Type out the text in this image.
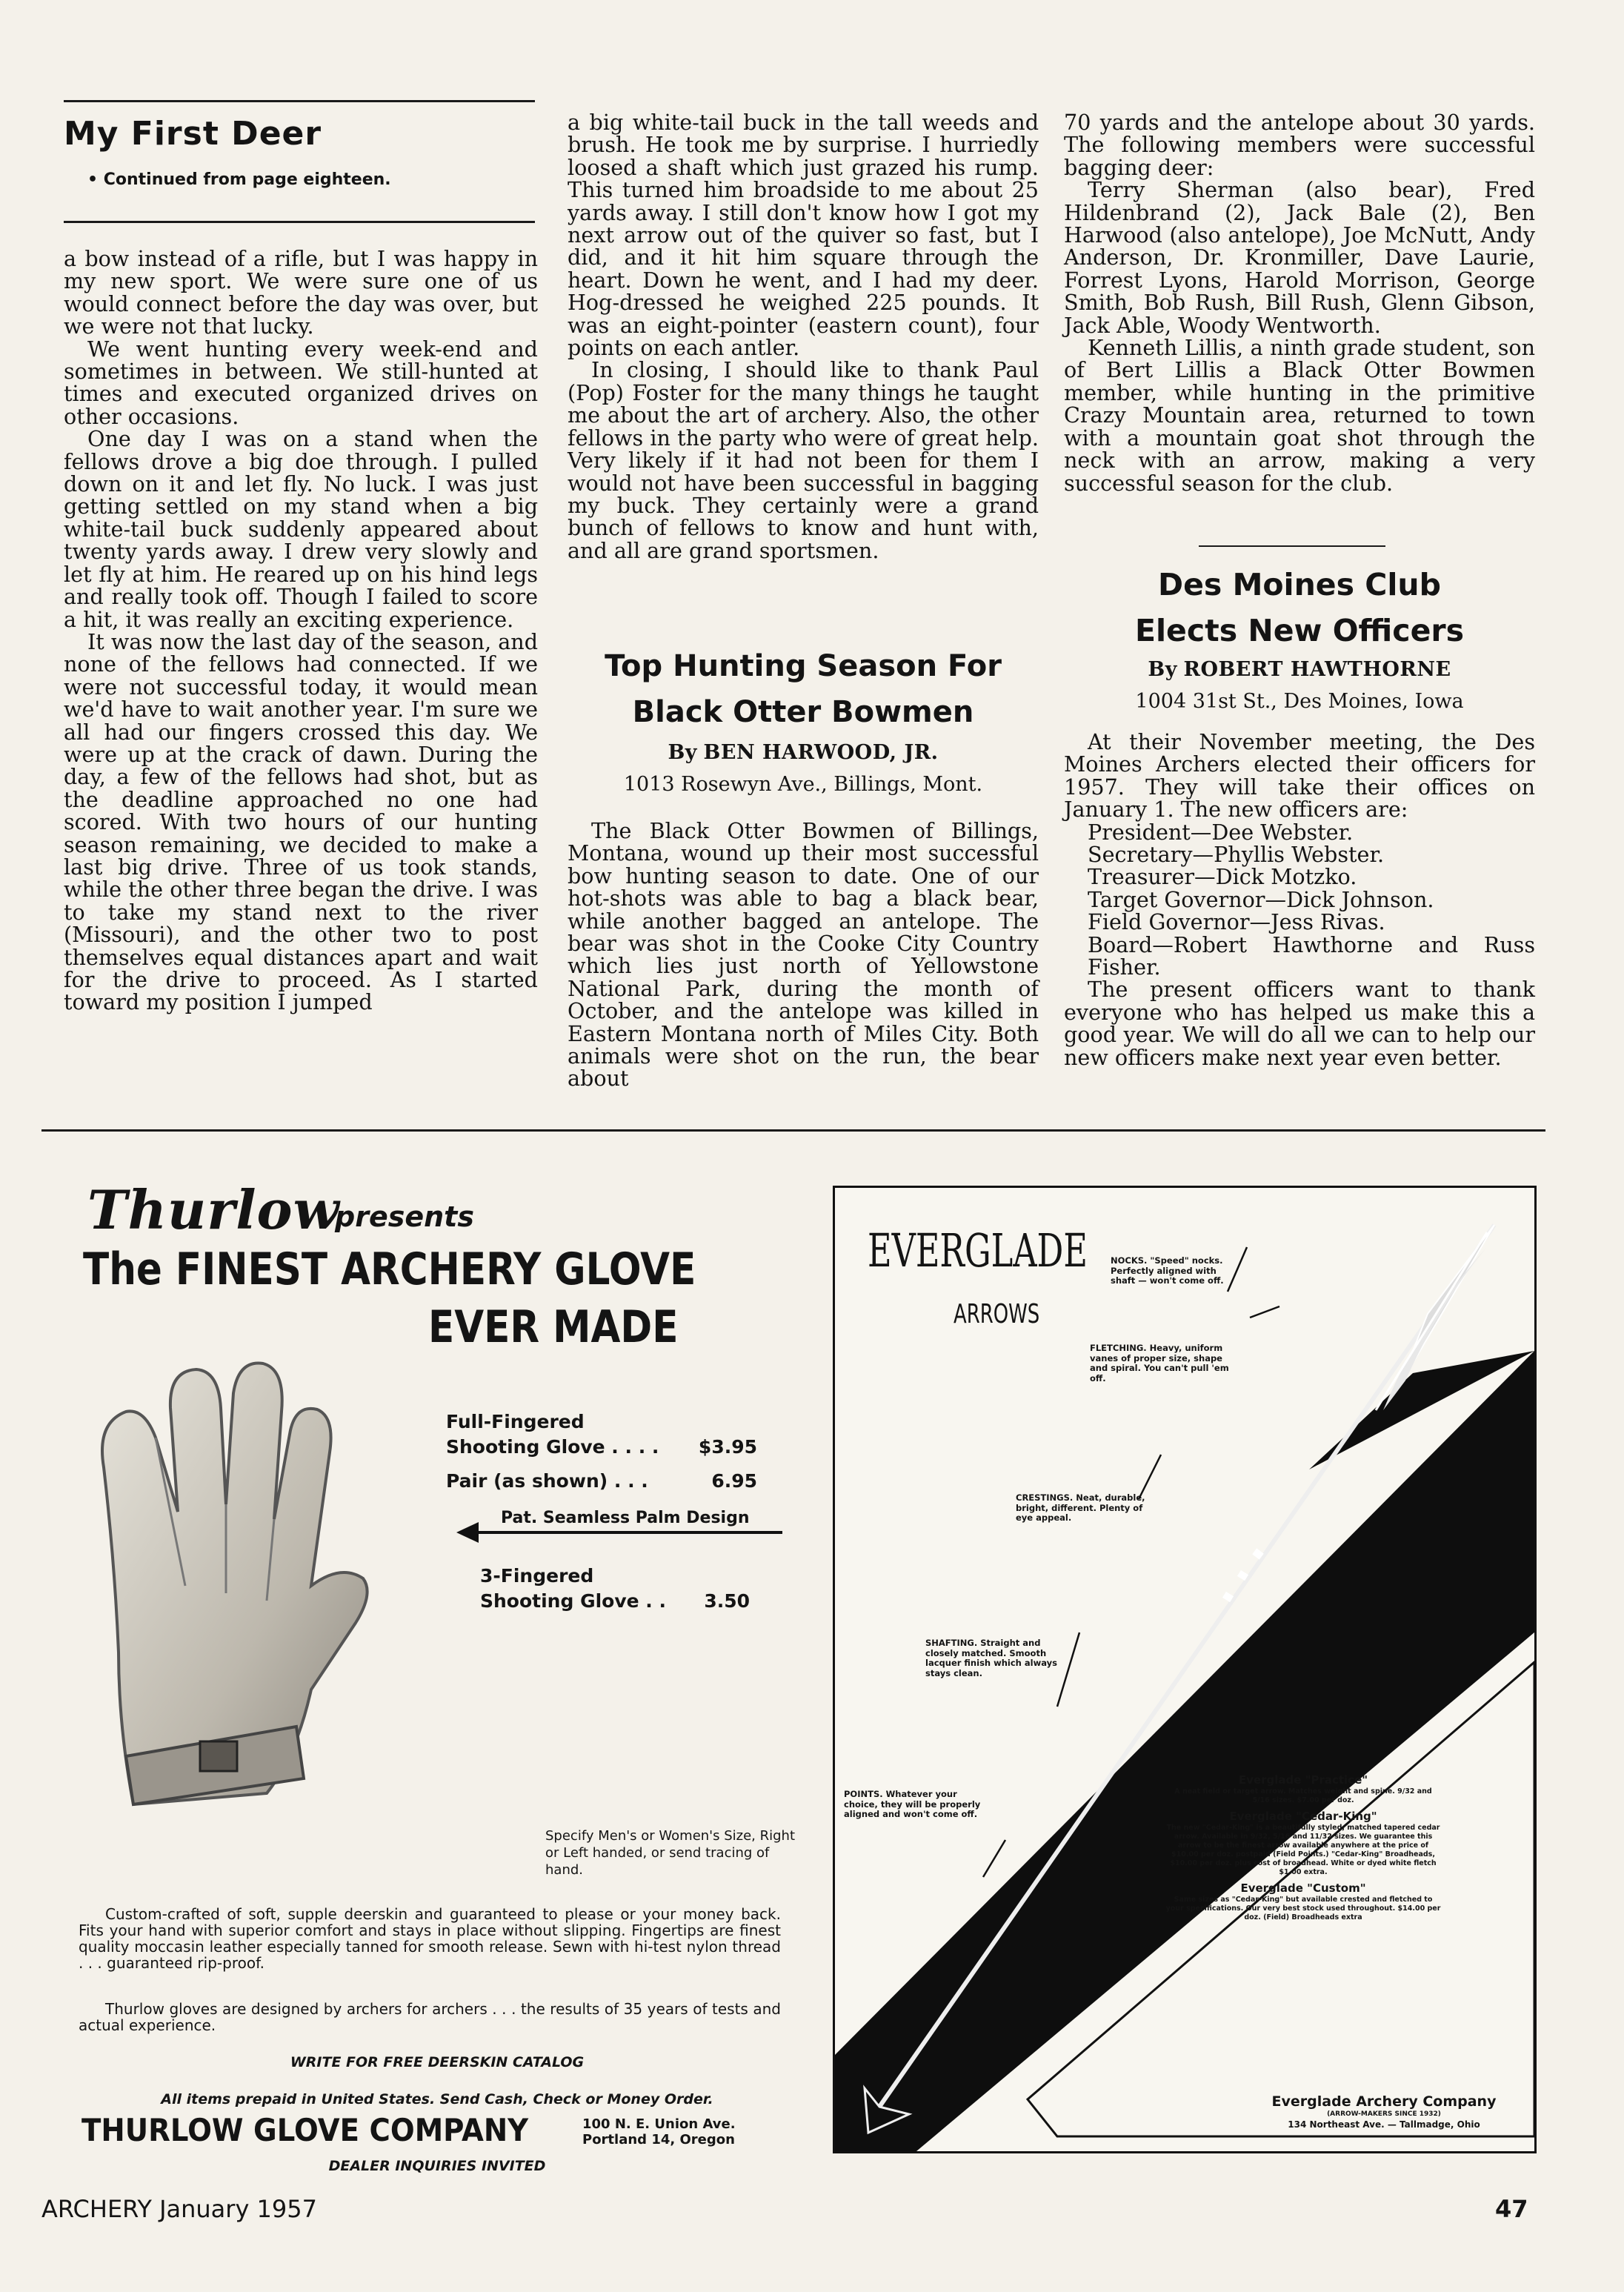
My First Deer
• Continued from page eighteen.

a bow instead of a rifle, but I was happy in my new sport. We were sure one of us would connect before the day was over, but we were not that lucky.

We went hunting every week-end and sometimes in between. We still-hunted at times and executed organized drives on other occasions.

One day I was on a stand when the fellows drove a big doe through. I pulled down on it and let fly. No luck. I was just getting settled on my stand when a big white-tail buck suddenly appeared about twenty yards away. I drew very slowly and let fly at him. He reared up on his hind legs and really took off. Though I failed to score a hit, it was really an exciting experience.

It was now the last day of the season, and none of the fellows had connected. If we were not successful today, it would mean we'd have to wait another year. I'm sure we all had our fingers crossed this day. We were up at the crack of dawn. During the day, a few of the fellows had shot, but as the deadline approached no one had scored. With two hours of our hunting season remaining, we decided to make a last big drive. Three of us took stands, while the other three began the drive. I was to take my stand next to the river (Missouri), and the other two to post themselves equal distances apart and wait for the drive to proceed. As I started toward my position I jumped

a big white-tail buck in the tall weeds and brush. He took me by surprise. I hurriedly loosed a shaft which just grazed his rump. This turned him broadside to me about 25 yards away. I still don't know how I got my next arrow out of the quiver so fast, but I did, and it hit him square through the heart. Down he went, and I had my deer. Hog-dressed he weighed 225 pounds. It was an eight-pointer (eastern count), four points on each antler.

In closing, I should like to thank Paul (Pop) Foster for the many things he taught me about the art of archery. Also, the other fellows in the party who were of great help. Very likely if it had not been for them I would not have been successful in bagging my buck. They certainly were a grand bunch of fellows to know and hunt with, and all are grand sportsmen.

Top Hunting Season For

Black Otter Bowmen

By BEN HARWOOD, JR.

1013 Rosewyn Ave., Billings, Mont.

The Black Otter Bowmen of Billings, Montana, wound up their most successful bow hunting season to date. One of our hot-shots was able to bag a black bear, while another bagged an antelope. The bear was shot in the Cooke City Country which lies just north of Yellowstone National Park, during the month of October, and the antelope was killed in Eastern Montana north of Miles City. Both animals were shot on the run, the bear about

70 yards and the antelope about 30 yards. The following members were successful bagging deer:

Terry Sherman (also bear), Fred Hildenbrand (2), Jack Bale (2), Ben Harwood (also antelope), Joe McNutt, Andy Anderson, Dr. Kronmiller, Dave Laurie, Forrest Lyons, Harold Morrison, George Smith, Bob Rush, Bill Rush, Glenn Gibson, Jack Able, Woody Wentworth.

Kenneth Lillis, a ninth grade student, son of Bert Lillis a Black Otter Bowmen member, while hunting in the primitive Crazy Mountain area, returned to town with a mountain goat shot through the neck with an arrow, making a very successful season for the club.

Des Moines Club

Elects New Officers

By ROBERT HAWTHORNE

1004 31st St., Des Moines, Iowa

At their November meeting, the Des Moines Archers elected their officers for 1957. They will take their offices on January 1. The new officers are:

President—Dee Webster.

Secretary—Phyllis Webster.

Treasurer—Dick Motzko.

Target Governor—Dick Johnson.

Field Governor—Jess Rivas.

Board—Robert Hawthorne and Russ Fisher.

The present officers want to thank everyone who has helped us make this a good year. We will do all we can to help our new officers make next year even better.

Thurlow
presents
The FINEST ARCHERY GLOVE
EVER MADE
Full-Fingered
Shooting Glove . . . . $3.95
Pair (as shown) . . .	6.95
Pat. Seamless Palm Design
3-Fingered
Shooting Glove . . 3.50
Specify Men's or Women's Size, Right or Left handed, or send tracing of hand.
Custom-crafted of soft, supple deerskin and guaranteed to please or your money back. Fits your hand with superior comfort and stays in place without slipping. Fingertips are finest quality moccasin leather especially tanned for smooth release. Sewn with hi-test nylon thread . . . guaranteed rip-proof.
Thurlow gloves are designed by archers for archers . . . the results of 35 years of tests and actual experience.
WRITE FOR FREE DEERSKIN CATALOG
All items prepaid in United States. Send Cash, Check or Money Order.
THURLOW GLOVE COMPANY	100 N. E. Union Ave.
Portland 14, Oregon
DEALER INQUIRIES INVITED
EVERGLADE
ARROWS
NOCKS. "Speed" nocks. Perfectly aligned with shaft — won't come off.
FLETCHING. Heavy, uniform vanes of proper size, shape and spiral. You can't pull 'em off.
CRESTINGS. Neat, durable, bright, different. Plenty of eye appeal.
SHAFTING. Straight and closely matched. Smooth lacquer finish which always stays clean.
POINTS. Whatever your choice, they will be properly aligned and won't come off.
Everglade "Practice"
A neat field or target arrow. Matches weight and spine. 9/32 and 5/16 sizes. $7.00 per doz.
Everglade "Cedar-King"
The new "Cedar-King" is a beautifully styled, matched tapered cedar arrow. Available in 9/32, 5/16 and 11/32 sizes. We guarantee this arrow to be the finest arrow available anywhere at the price of $10.00 per doz. postpaid (Field Points.) "Cedar-King" Broadheads, $10.00 per doz. plus cost of broadhead. White or dyed white fletch $1.00 extra.
Everglade "Custom"
Same sizes as "Cedar-King" but available crested and fletched to your specifications. Our very best stock used throughout. $14.00 per doz. (Field) Broadheads extra
Everglade Archery Company
(ARROW-MAKERS SINCE 1932)
134 Northeast Ave. — Tallmadge, Ohio
ARCHERY January 1957	47
